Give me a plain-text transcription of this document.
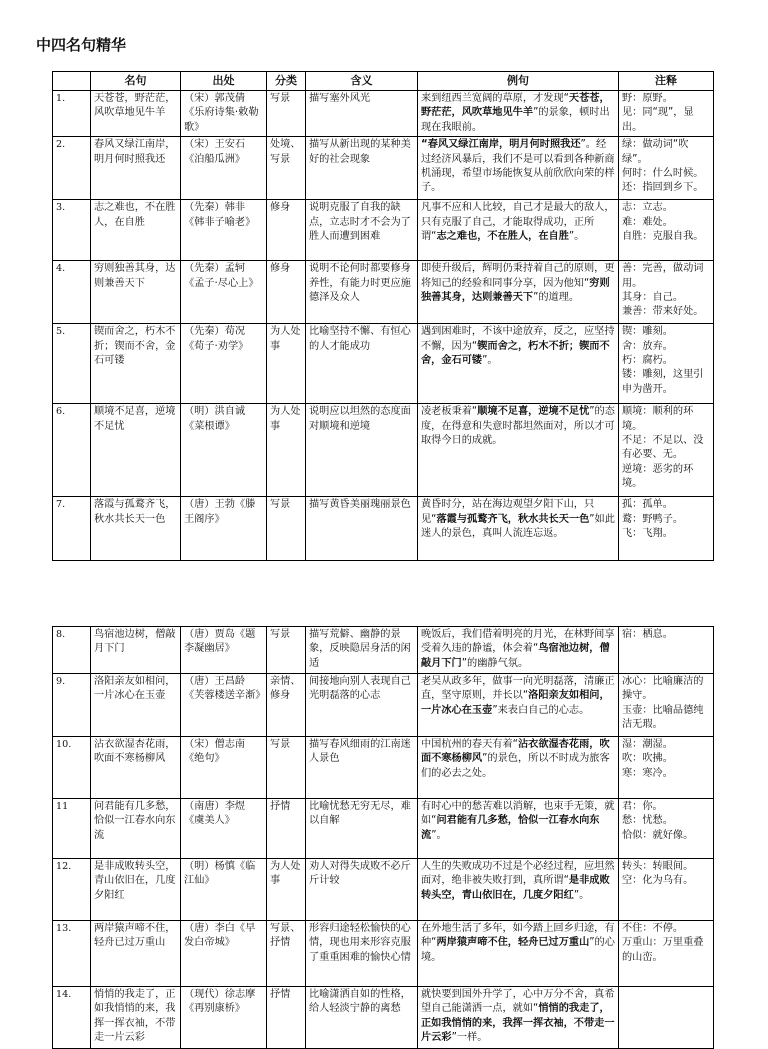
中四名句精华
	名句	出处	分类	含义	例句	注释
1.	天苍苍，野茫茫，风吹草地见牛羊	（宋）郭茂倩《乐府诗集·敕勒歌》	写景	描写塞外风光	来到纽西兰宽阔的草原，才发现“天苍苍，野茫茫，风吹草地见牛羊”的景象，顿时出现在我眼前。	野：原野。
见：同“现”，显出。

2.	春风又绿江南岸，明月何时照我还	（宋）王安石《泊船瓜洲》	处境、写景	描写从新出现的某种美好的社会现象	“春风又绿江南岸，明月何时照我还”。经过经济风暴后，我们不是可以看到各种新商机涌现，希望市场能恢复从前欣欣向荣的样子。	绿：做动词“吹绿”。
何时：什么时候。
还：指回到乡下。

3.	志之难也，不在胜人，在自胜	（先秦）韩非《韩非子喻老》	修身	说明克服了自我的缺点，立志时才不会为了胜人而遭到困难	凡事不应和人比较，自己才是最大的敌人，只有克服了自己，才能取得成功，正所谓“志之难也，不在胜人，在自胜”。	志：立志。
难：难处。
自胜：克服自我。

4.	穷则独善其身，达则兼善天下	（先秦）孟轲《孟子·尽心上》	修身	说明不论何时都要修身养性，有能力时更应施德泽及众人	即使升级后，辉明仍秉持着自己的原则，更将知己的经验和同事分享，因为他知“穷则独善其身，达则兼善天下”的道理。	善：完善，做动词用。
其身：自己。
兼善：带来好处。

5.	锲而舍之，朽木不折；锲而不舍，金石可镂	（先秦）荀况《荀子·劝学》	为人处事	比喻坚持不懈、有恒心的人才能成功	遇到困难时，不该中途放弃，反之，应坚持不懈，因为“锲而舍之，朽木不折；锲而不舍，金石可镂”。	锲：雕刻。
舍：放弃。
朽：腐朽。
镂：雕刻，这里引申为凿开。

6.	顺境不足喜，逆境不足忧	（明）洪自诚《菜根谭》	为人处事	说明应以坦然的态度面对顺境和逆境	凌老板秉着“顺境不足喜，逆境不足忧”的态度，在得意和失意时都坦然面对，所以才可取得今日的成就。	顺境：顺利的环境。
不足：不足以、没有必要、无。
逆境：恶劣的环境。

7.	落霞与孤鹜齐飞，秋水共长天一色	（唐）王勃《滕王阁序》	写景	描写黄昏美丽瑰丽景色	黄昏时分，站在海边观望夕阳下山，只见“落霞与孤鹜齐飞，秋水共长天一色”如此迷人的景色，真叫人流连忘返。	孤：孤单。
鹜：野鸭子。
飞：飞翔。
8.	鸟宿池边树，僧敲月下门	（唐）贾岛《题李凝幽居》	写景	描写荒僻、幽静的景象，反映隐居身活的闲适	晚饭后，我们借着明亮的月光，在林野间享受着久违的静谧，体会着“鸟宿池边树，僧敲月下门”的幽静气氛。	宿：栖息。

9.	洛阳亲友如相问，一片冰心在玉壶	（唐）王昌龄《芙蓉楼送辛渐》	亲情、修身	间接地向别人表现自己光明磊落的心志	老吴从政多年，做事一向光明磊落，清廉正直，坚守原则，并长以“洛阳亲友如相问，一片冰心在玉壶”来表白自己的心志。	冰心：比喻廉洁的操守。
玉壶：比喻品德纯洁无瑕。

10.	沾衣欲湿杏花雨，吹面不寒杨柳风	（宋）僧志南《绝句》	写景	描写春风细雨的江南迷人景色	中国杭州的春天有着“沾衣欲湿杏花雨，吹面不寒杨柳风”的景色，所以不时成为旅客们的必去之处。	湿：潮湿。
吹：吹拂。
寒：寒冷。

11	问君能有几多愁，恰似一江春水向东流	（南唐）李煜《虞美人》	抒情	比喻忧愁无穷无尽，难以自解	有时心中的愁苦难以消解，也束手无策，就如“问君能有几多愁，恰似一江春水向东流”。	君：你。
愁：忧愁。
恰似：就好像。

12.	是非成败转头空，青山依旧在，几度夕阳红	（明）杨慎《临江仙》	为人处事	劝人对得失成败不必斤斤计较	人生的失败成功不过是个必经过程，应坦然面对，绝非被失败打到，真所谓“是非成败转头空，青山依旧在，几度夕阳红”。	转头：转眼间。
空：化为乌有。

13.	两岸猿声啼不住，轻舟已过万重山	（唐）李白《早发白帝城》	写景、抒情	形容归途轻松愉快的心情，现也用来形容克服了重重困难的愉快心情	在外地生活了多年，如今踏上回乡归途，有种“两岸猿声啼不住，轻舟已过万重山”的心境。	不住：不停。
万重山：万里重叠的山峦。

14.	悄悄的我走了，正如我悄悄的来，我挥一挥衣袖，不带走一片云彩	（现代）徐志摩《再别康桥》	抒情	比喻潇洒自如的性格，给人轻淡宁静的离愁	就快要到国外升学了，心中万分不舍，真希望自己能潇洒一点，就如“悄悄的我走了，正如我悄悄的来，我挥一挥衣袖，不带走一片云彩”一样。	
